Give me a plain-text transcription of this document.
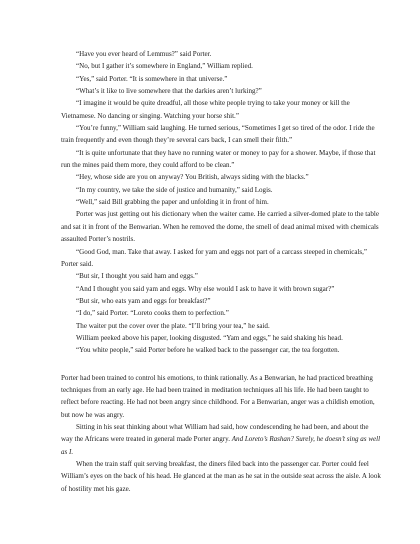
“Have you ever heard of Lemmus?” said Porter.

“No, but I gather it’s somewhere in England,” William replied.

“Yes,” said Porter. “It is somewhere in that universe.”

“What’s it like to live somewhere that the darkies aren’t lurking?”

“I imagine it would be quite dreadful, all those white people trying to take your money or kill the Vietnamese. No dancing or singing. Watching your horse shit.”

“You’re funny,” William said laughing. He turned serious, “Sometimes I get so tired of the odor. I ride the train frequently and even though they’re several cars back, I can smell their filth.”

“It is quite unfortunate that they have no running water or money to pay for a shower. Maybe, if those that run the mines paid them more, they could afford to be clean.”

“Hey, whose side are you on anyway? You British, always siding with the blacks.”

“In my country, we take the side of justice and humanity,” said Logis.

“Well,” said Bill grabbing the paper and unfolding it in front of him.

Porter was just getting out his dictionary when the waiter came. He carried a silver-domed plate to the table and sat it in front of the Benwarian. When he removed the dome, the smell of dead animal mixed with chemicals assaulted Porter’s nostrils.

“Good God, man. Take that away. I asked for yam and eggs not part of a carcass steeped in chemicals,” Porter said.

“But sir, I thought you said ham and eggs.”

“And I thought you said yam and eggs. Why else would I ask to have it with brown sugar?”

“But sir, who eats yam and eggs for breakfast?”

“I do,” said Porter. “Loreto cooks them to perfection.”

The waiter put the cover over the plate. “I’ll bring your tea,” he said.

William peeked above his paper, looking disgusted. “Yam and eggs,” he said shaking his head.

“You white people,” said Porter before he walked back to the passenger car, the tea forgotten.

Porter had been trained to control his emotions, to think rationally. As a Benwarian, he had practiced breathing techniques from an early age. He had been trained in meditation techniques all his life. He had been taught to reflect before reacting. He had not been angry since childhood. For a Benwarian, anger was a childish emotion, but now he was angry.

Sitting in his seat thinking about what William had said, how condescending he had been, and about the way the Africans were treated in general made Porter angry. And Loreto’s Rashan? Surely, he doesn’t sing as well as I.

When the train staff quit serving breakfast, the diners filed back into the passenger car. Porter could feel William’s eyes on the back of his head. He glanced at the man as he sat in the outside seat across the aisle. A look of hostility met his gaze.
